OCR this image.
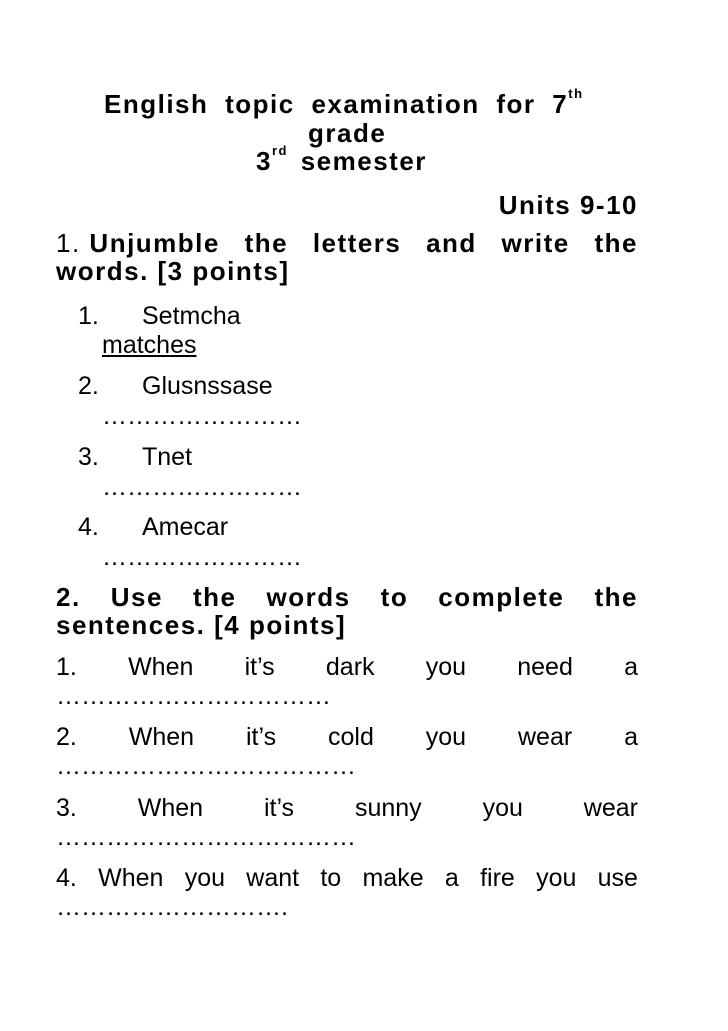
English topic examination for 7th
grade
3rd semester
Units 9-10
1. Unjumble the letters and write the
words. [3 points]
1. Setmcha
matches
2. Glusnssase
……………………
3. Tnet
……………………
4. Amecar
……………………
2. Use the words to complete the
sentences. [4 points]
1. When it’s dark you need a
……………………………
2. When it’s cold you wear a
………………………………
3. When it’s sunny you wear
………………………………
4. When you want to make a fire you use
……………………….
